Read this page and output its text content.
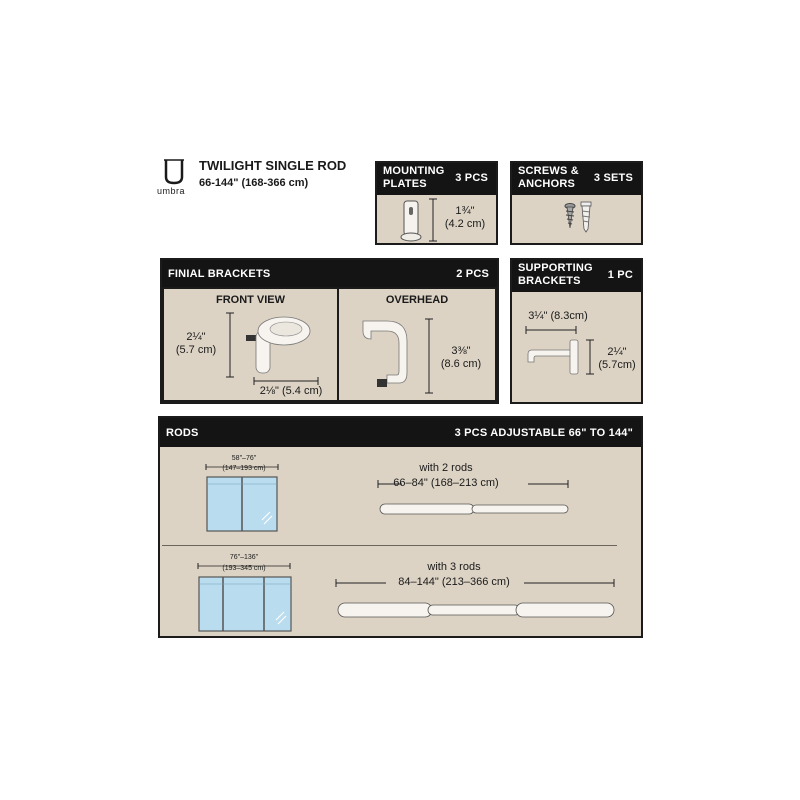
umbra
TWILIGHT SINGLE ROD
66-144" (168-366 cm)
MOUNTING PLATES	3 PCS
1¾"
(4.2 cm)
SCREWS & ANCHORS	3 SETS
FINIAL BRACKETS	2 PCS
FRONT VIEW
2¼"
(5.7 cm)
2⅛" (5.4 cm)
OVERHEAD
3⅜"
(8.6 cm)
SUPPORTING BRACKETS	1 PC
3¼" (8.3cm)
2¼"
(5.7cm)
RODS	3 PCS ADJUSTABLE 66" TO 144"
58"–76"
(147–193 cm)	with 2 rods
66–84" (168–213 cm)
76"–136"
(193–345 cm)	with 3 rods
84–144" (213–366 cm)
